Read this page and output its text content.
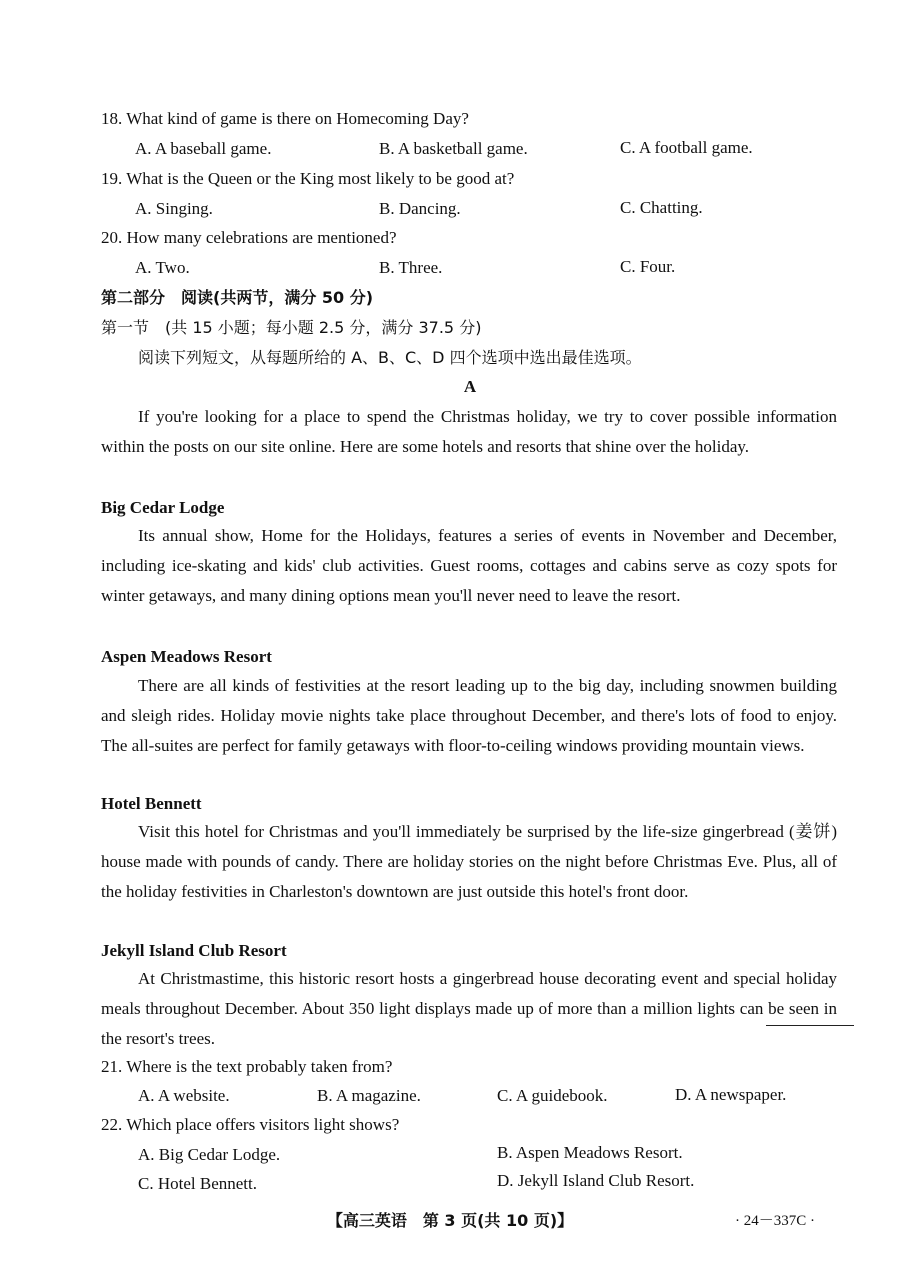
18. What kind of game is there on Homecoming Day?
A. A baseball game.	B. A basketball game.	C. A football game.
19. What is the Queen or the King most likely to be good at?
A. Singing.	B. Dancing.	C. Chatting.
20. How many celebrations are mentioned?
A. Two.	B. Three.	C. Four.
第二部分　阅读(共两节，满分 50 分)
第一节　(共 15 小题；每小题 2.5 分，满分 37.5 分)
阅读下列短文，从每题所给的 A、B、C、D 四个选项中选出最佳选项。
A
If you're looking for a place to spend the Christmas holiday, we try to cover possible information within the posts on our site online. Here are some hotels and resorts that shine over the holiday.
Big Cedar Lodge
Its annual show, Home for the Holidays, features a series of events in November and December, including ice-skating and kids' club activities. Guest rooms, cottages and cabins serve as cozy spots for winter getaways, and many dining options mean you'll never need to leave the resort.
Aspen Meadows Resort
There are all kinds of festivities at the resort leading up to the big day, including snowmen building and sleigh rides. Holiday movie nights take place throughout December, and there's lots of food to enjoy. The all-suites are perfect for family getaways with floor-to-ceiling windows providing mountain views.
Hotel Bennett
Visit this hotel for Christmas and you'll immediately be surprised by the life-size gingerbread (姜饼) house made with pounds of candy. There are holiday stories on the night before Christmas Eve. Plus, all of the holiday festivities in Charleston's downtown are just outside this hotel's front door.
Jekyll Island Club Resort
At Christmastime, this historic resort hosts a gingerbread house decorating event and special holiday meals throughout December. About 350 light displays made up of more than a million lights can be seen in the resort's trees.
21. Where is the text probably taken from?
A. A website.	B. A magazine.	C. A guidebook.	D. A newspaper.
22. Which place offers visitors light shows?
A. Big Cedar Lodge.	B. Aspen Meadows Resort.
C. Hotel Bennett.	D. Jekyll Island Club Resort.
【高三英语　第 3 页(共 10 页)】	· 24－337C ·
